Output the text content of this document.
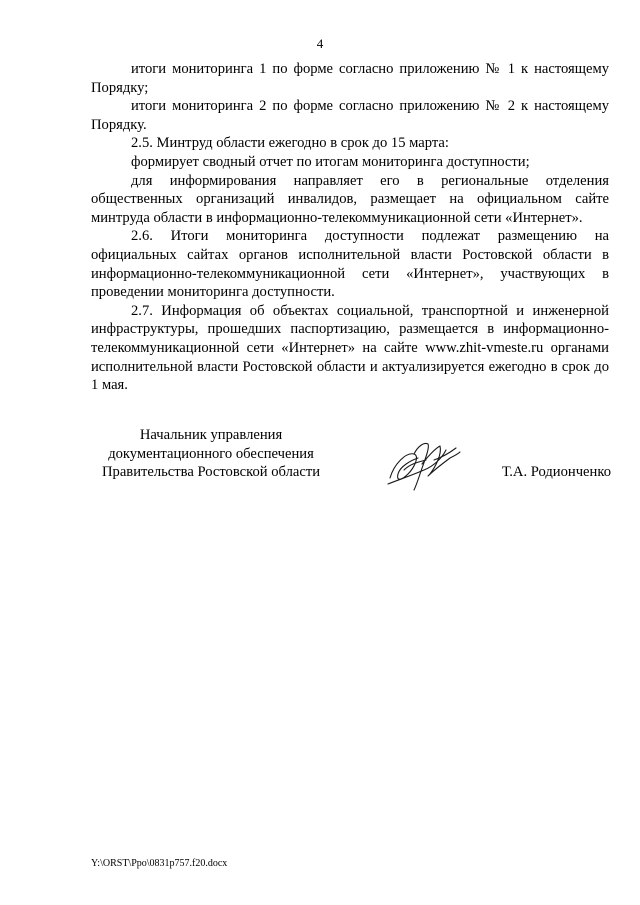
4

итоги мониторинга 1 по форме согласно приложению № 1 к настоящему Порядку;

итоги мониторинга 2 по форме согласно приложению № 2 к настоящему Порядку.

2.5. Минтруд области ежегодно в срок до 15 марта:

формирует сводный отчет по итогам мониторинга доступности;

для информирования направляет его в региональные отделения общественных организаций инвалидов, размещает на официальном сайте минтруда области в информационно-телекоммуникационной сети «Интернет».

2.6. Итоги мониторинга доступности подлежат размещению на официальных сайтах органов исполнительной власти Ростовской области в информационно-телекоммуникационной сети «Интернет», участвующих в проведении мониторинга доступности.

2.7. Информация об объектах социальной, транспортной и инженерной инфраструктуры, прошедших паспортизацию, размещается в информационно-телекоммуникационной сети «Интернет» на сайте www.zhit-vmeste.ru органами исполнительной власти Ростовской области и актуализируется ежегодно в срок до 1 мая.

Начальник управления
документационного обеспечения
Правительства Ростовской области	Т.А. Родионченко
Y:\ORST\Ppo\0831p757.f20.docx
